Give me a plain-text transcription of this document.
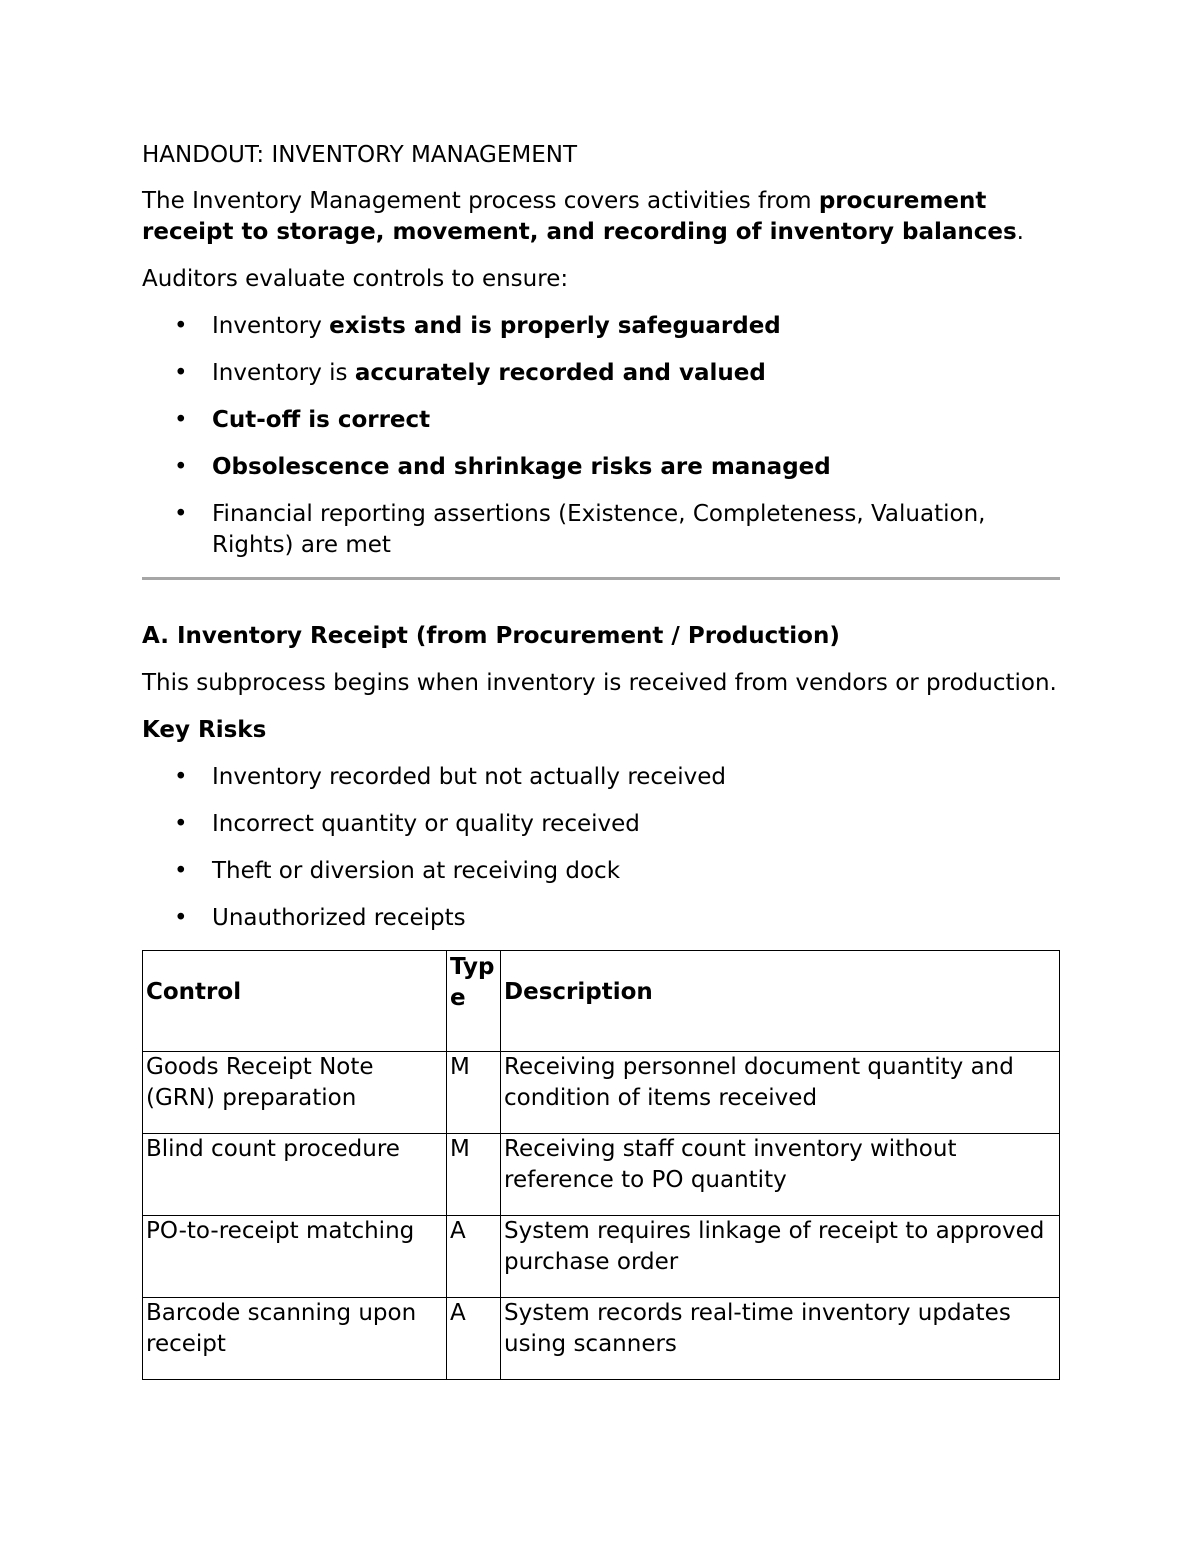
HANDOUT: INVENTORY MANAGEMENT

The Inventory Management process covers activities from procurement receipt to storage, movement, and recording of inventory balances.

Auditors evaluate controls to ensure:

• Inventory exists and is properly safeguarded
• Inventory is accurately recorded and valued
• Cut-off is correct
• Obsolescence and shrinkage risks are managed
• Financial reporting assertions (Existence, Completeness, Valuation, Rights) are met
A. Inventory Receipt (from Procurement / Production)

This subprocess begins when inventory is received from vendors or production.

Key Risks
• Inventory recorded but not actually received
• Incorrect quantity or quality received
• Theft or diversion at receiving dock
• Unauthorized receipts
Control	Typ e	Description
Goods Receipt Note (GRN) preparation	M	Receiving personnel document quantity and condition of items received
Blind count procedure	M	Receiving staff count inventory without reference to PO quantity
PO-to-receipt matching	A	System requires linkage of receipt to approved purchase order
Barcode scanning upon receipt	A	System records real-time inventory updates using scanners
